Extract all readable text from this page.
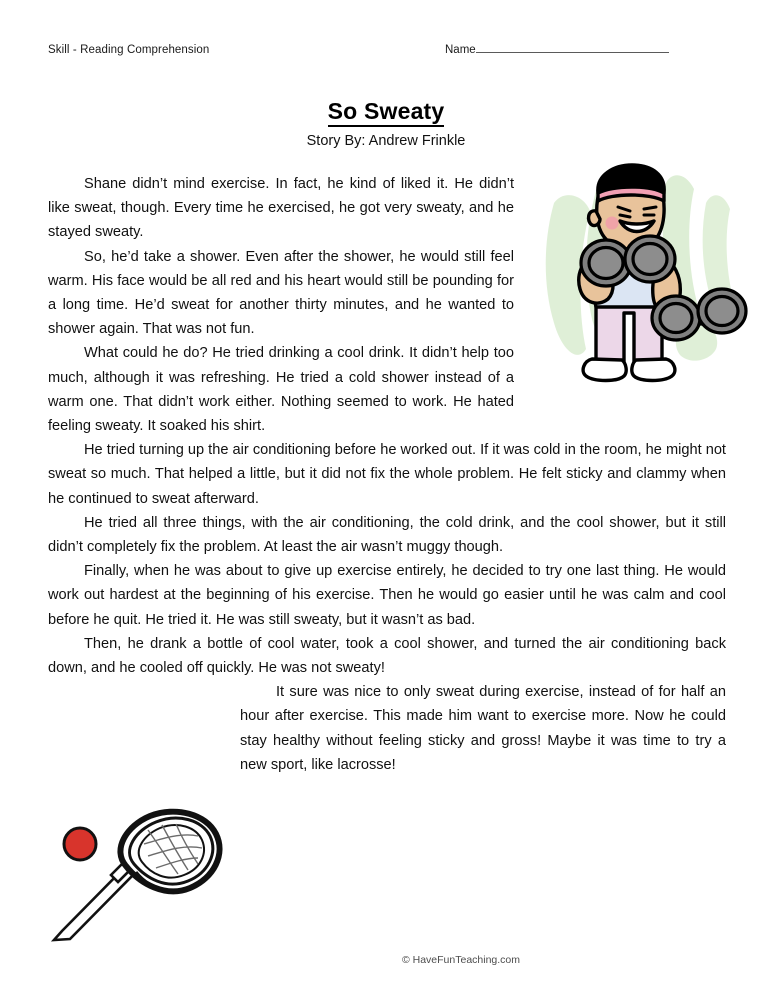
Skill - Reading Comprehension	Name
So Sweaty
Story By: Andrew Frinkle

Shane didn’t mind exercise. In fact, he kind of liked it. He didn’t like sweat, though. Every time he exercised, he got very sweaty, and he stayed sweaty.

So, he’d take a shower. Even after the shower, he would still feel warm. His face would be all red and his heart would still be pounding for a long time. He’d sweat for another thirty minutes, and he wanted to shower again. That was not fun.

What could he do? He tried drinking a cool drink. It didn’t help too much, although it was refreshing. He tried a cold shower instead of a warm one. That didn’t work either. Nothing seemed to work. He hated feeling sweaty. It soaked his shirt.

He tried turning up the air conditioning before he worked out. If it was cold in the room, he might not sweat so much. That helped a little, but it did not fix the whole problem. He felt sticky and clammy when he continued to sweat afterward.

He tried all three things, with the air conditioning, the cold drink, and the cool shower, but it still didn’t completely fix the problem. At least the air wasn’t muggy though.

Finally, when he was about to give up exercise entirely, he decided to try one last thing. He would work out hardest at the beginning of his exercise. Then he would go easier until he was calm and cool before he quit. He tried it. He was still sweaty, but it wasn’t as bad.

Then, he drank a bottle of cool water, took a cool shower, and turned the air conditioning back down, and he cooled off quickly. He was not sweaty!

It sure was nice to only sweat during exercise, instead of for half an hour after exercise. This made him want to exercise more. Now he could stay healthy without feeling sticky and gross! Maybe it was time to try a new sport, like lacrosse!

© HaveFunTeaching.com
